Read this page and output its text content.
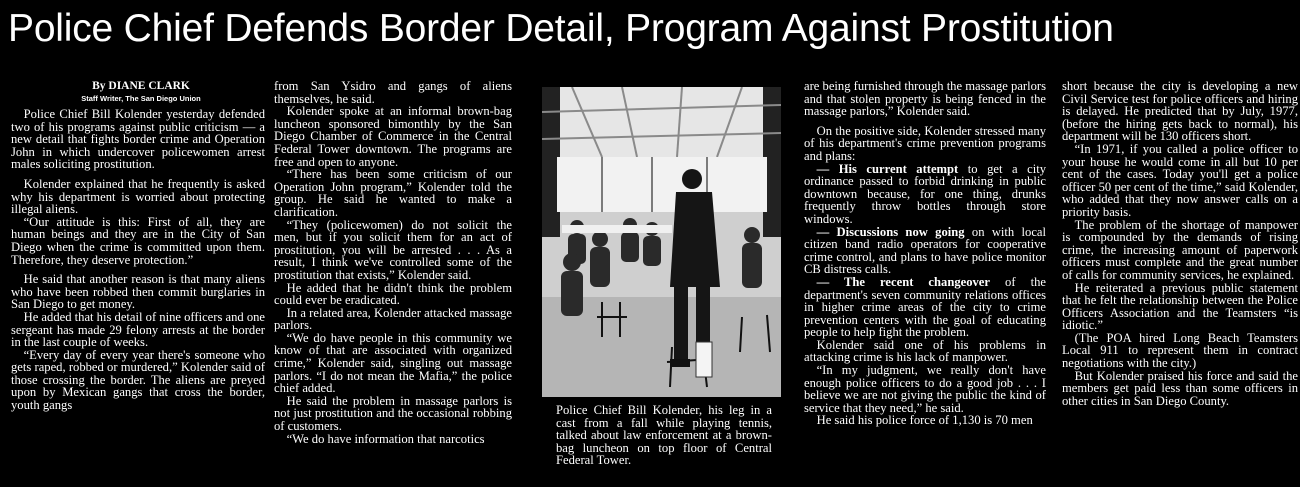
Police Chief Defends Border Detail, Program Against Prostitution
By DIANE CLARK
Staff Writer, The San Diego Union

Police Chief Bill Kolender yesterday defended two of his programs against public criticism — a new detail that fights border crime and Operation John in which undercover policewomen arrest males soliciting prostitution.

Kolender explained that he frequently is asked why his department is worried about protecting illegal aliens.

“Our attitude is this: First of all, they are human beings and they are in the City of San Diego when the crime is committed upon them. Therefore, they deserve protection.”

He said that another reason is that many aliens who have been robbed then commit burglaries in San Diego to get money.

He added that his detail of nine officers and one sergeant has made 29 felony arrests at the border in the last couple of weeks.

“Every day of every year there's someone who gets raped, robbed or murdered,” Kolender said of those crossing the border. The aliens are preyed upon by Mexican gangs that cross the border, youth gangs

from San Ysidro and gangs of aliens themselves, he said.

Kolender spoke at an informal brown-bag luncheon sponsored bimonthly by the San Diego Chamber of Commerce in the Central Federal Tower downtown. The programs are free and open to anyone.

“There has been some criticism of our Operation John program,” Kolender told the group. He said he wanted to make a clarification.

“They (policewomen) do not solicit the men, but if you solicit them for an act of prostitution, you will be arrested . . . As a result, I think we've controlled some of the prostitution that exists,” Kolender said.

He added that he didn't think the problem could ever be eradicated.

In a related area, Kolender attacked massage parlors.

“We do have people in this community we know of that are associated with organized crime,” Kolender said, singling out massage parlors. “I do not mean the Mafia,” the police chief added.

He said the problem in massage parlors is not just prostitution and the occasional robbing of customers.

“We do have information that narcotics

Police Chief Bill Kolender, his leg in a cast from a fall while playing tennis, talked about law enforcement at a brown-bag luncheon on top floor of Central Federal Tower.

are being furnished through the massage parlors and that stolen property is being fenced in the massage parlors,” Kolender said.

On the positive side, Kolender stressed many of his department's crime prevention programs and plans:

— His current attempt to get a city ordinance passed to forbid drinking in public downtown because, for one thing, drunks frequently throw bottles through store windows.

— Discussions now going on with local citizen band radio operators for cooperative crime control, and plans to have police monitor CB distress calls.

— The recent changeover of the department's seven community relations offices in higher crime areas of the city to crime prevention centers with the goal of educating people to help fight the problem.

Kolender said one of his problems in attacking crime is his lack of manpower.

“In my judgment, we really don't have enough police officers to do a good job . . . I believe we are not giving the public the kind of service that they need,” he said.

He said his police force of 1,130 is 70 men

short because the city is developing a new Civil Service test for police officers and hiring is delayed. He predicted that by July, 1977, (before the hiring gets back to normal), his department will be 130 officers short.

“In 1971, if you called a police officer to your house he would come in all but 10 per cent of the cases. Today you'll get a police officer 50 per cent of the time,” said Kolender, who added that they now answer calls on a priority basis.

The problem of the shortage of manpower is compounded by the demands of rising crime, the increasing amount of paperwork officers must complete and the great number of calls for community services, he explained.

He reiterated a previous public statement that he felt the relationship between the Police Officers Association and the Teamsters “is idiotic.”

(The POA hired Long Beach Teamsters Local 911 to represent them in contract negotiations with the city.)

But Kolender praised his force and said the members get paid less than some officers in other cities in San Diego County.
